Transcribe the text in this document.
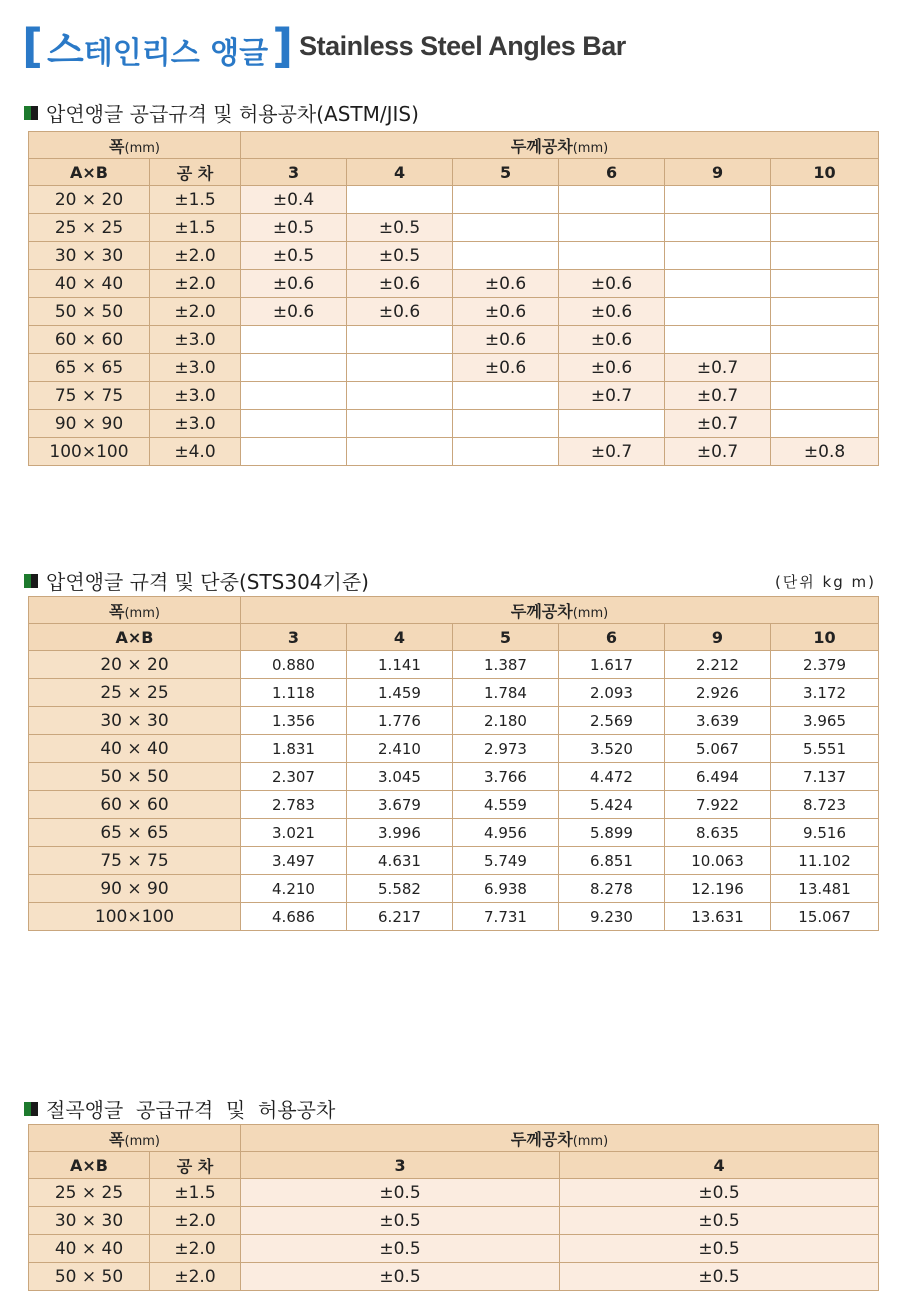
[ 스테인리스 앵글 ] Stainless Steel Angles Bar
압연앵글 공급규격 및 허용공차(ASTM/JIS)
폭(mm)		두께공차(mm)					
A×B	공 차	3	4	5	6	9	10
20 × 20	±1.5	±0.4					
25 × 25	±1.5	±0.5	±0.5				
30 × 30	±2.0	±0.5	±0.5				
40 × 40	±2.0	±0.6	±0.6	±0.6	±0.6		
50 × 50	±2.0	±0.6	±0.6	±0.6	±0.6		
60 × 60	±3.0			±0.6	±0.6		
65 × 65	±3.0			±0.6	±0.6	±0.7	
75 × 75	±3.0				±0.7	±0.7	
90 × 90	±3.0					±0.7	
100×100	±4.0				±0.7	±0.7	±0.8
압연앵글 규격 및 단중(STS304기준)	(단위 kg m)
폭(mm)	두께공차(mm)					
A×B	3	4	5	6	9	10
20 × 20	0.880	1.141	1.387	1.617	2.212	2.379
25 × 25	1.118	1.459	1.784	2.093	2.926	3.172
30 × 30	1.356	1.776	2.180	2.569	3.639	3.965
40 × 40	1.831	2.410	2.973	3.520	5.067	5.551
50 × 50	2.307	3.045	3.766	4.472	6.494	7.137
60 × 60	2.783	3.679	4.559	5.424	7.922	8.723
65 × 65	3.021	3.996	4.956	5.899	8.635	9.516
75 × 75	3.497	4.631	5.749	6.851	10.063	11.102
90 × 90	4.210	5.582	6.938	8.278	12.196	13.481
100×100	4.686	6.217	7.731	9.230	13.631	15.067
절곡앵글  공급규격  및  허용공차
폭(mm)		두께공차(mm)	
A×B	공 차	3	4
25 × 25	±1.5	±0.5	±0.5
30 × 30	±2.0	±0.5	±0.5
40 × 40	±2.0	±0.5	±0.5
50 × 50	±2.0	±0.5	±0.5
